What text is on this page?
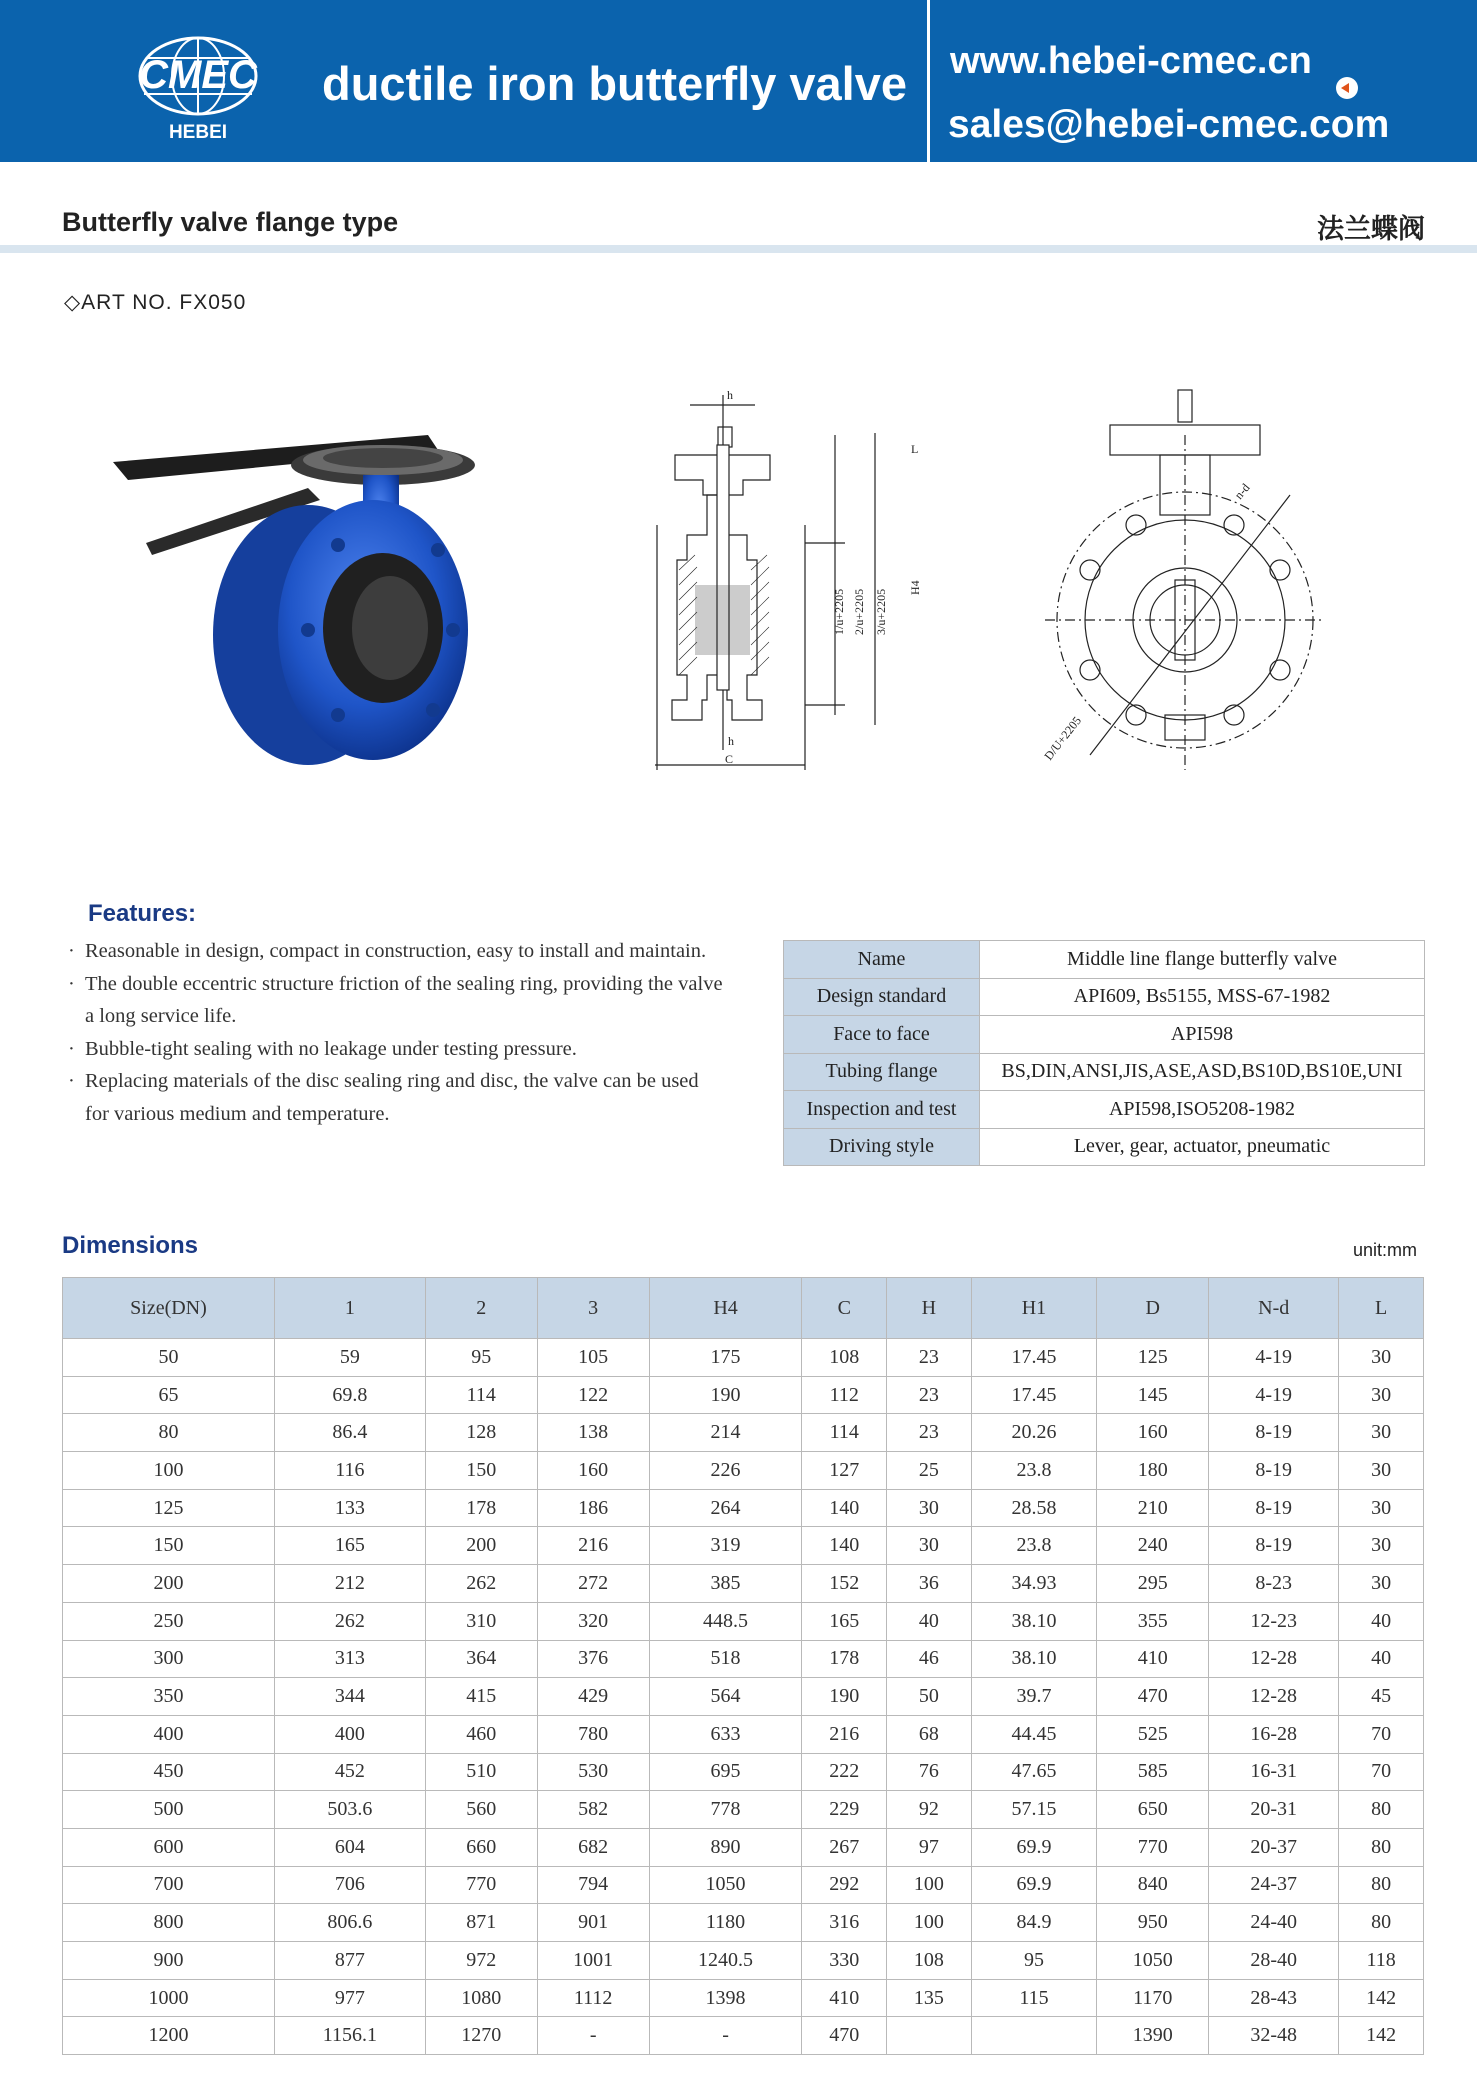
CMEC
HEBEI
ductile iron butterfly valve www.hebei-cmec.cn
sales@hebei-cmec.com
Butterfly valve flange type	法兰蝶阀
◇ART NO. FX050
h
L
1/u+2205 2/u+2205 3/u+2205
H4
h
C
n-d
D/U+2205
Features:
· Reasonable in design, compact in construction, easy to install and maintain.
· The double eccentric structure friction of the sealing ring, providing the valve a long service life.
· Bubble-tight sealing with no leakage under testing pressure.
· Replacing materials of the disc sealing ring and disc, the valve can be used for various medium and temperature.
Name	Middle line flange butterfly valve
Design standard	API609, Bs5155, MSS-67-1982
Face to face	API598
Tubing flange	BS,DIN,ANSI,JIS,ASE,ASD,BS10D,BS10E,UNI
Inspection and test	API598,ISO5208-1982
Driving style	Lever, gear, actuator, pneumatic
Dimensions	unit:mm
Size(DN)	1	2	3	H4	C	H	H1	D	N-d	L
50	59	95	105	175	108	23	17.45	125	4-19	30
65	69.8	114	122	190	112	23	17.45	145	4-19	30
80	86.4	128	138	214	114	23	20.26	160	8-19	30
100	116	150	160	226	127	25	23.8	180	8-19	30
125	133	178	186	264	140	30	28.58	210	8-19	30
150	165	200	216	319	140	30	23.8	240	8-19	30
200	212	262	272	385	152	36	34.93	295	8-23	30
250	262	310	320	448.5	165	40	38.10	355	12-23	40
300	313	364	376	518	178	46	38.10	410	12-28	40
350	344	415	429	564	190	50	39.7	470	12-28	45
400	400	460	780	633	216	68	44.45	525	16-28	70
450	452	510	530	695	222	76	47.65	585	16-31	70
500	503.6	560	582	778	229	92	57.15	650	20-31	80
600	604	660	682	890	267	97	69.9	770	20-37	80
700	706	770	794	1050	292	100	69.9	840	24-37	80
800	806.6	871	901	1180	316	100	84.9	950	24-40	80
900	877	972	1001	1240.5	330	108	95	1050	28-40	118
1000	977	1080	1112	1398	410	135	115	1170	28-43	142
1200	1156.1	1270	-	-	470			1390	32-48	142
